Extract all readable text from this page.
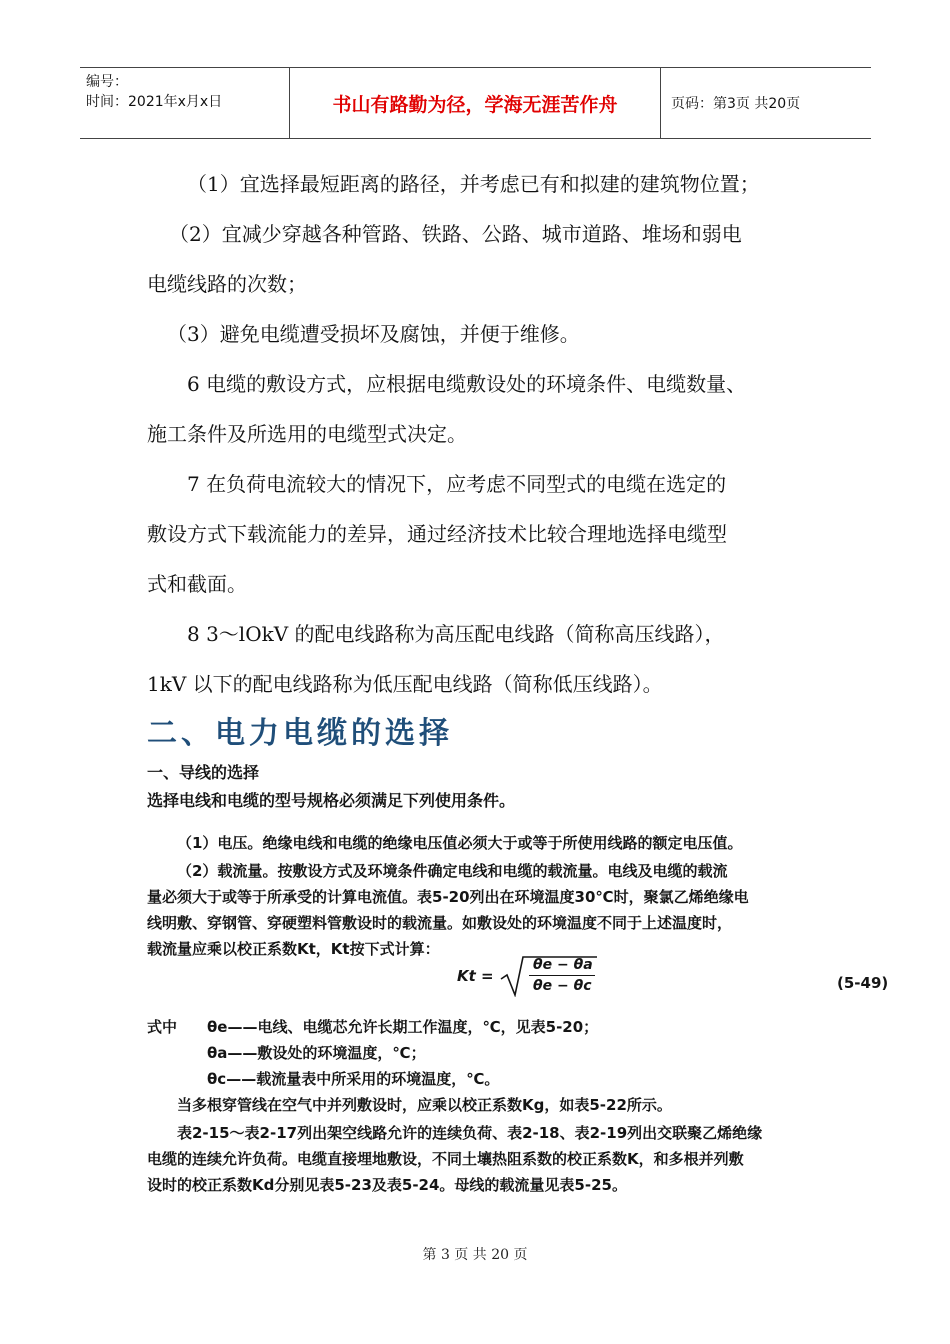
编号：
时间：2021年x月x日	书山有路勤为径，学海无涯苦作舟	页码：第3页 共20页

（1）宜选择最短距离的路径，并考虑已有和拟建的建筑物位置；

（2）宜减少穿越各种管路、铁路、公路、城市道路、堆场和弱电

电缆线路的次数；

（3）避免电缆遭受损坏及腐蚀，并便于维修。

6 电缆的敷设方式，应根据电缆敷设处的环境条件、电缆数量、

施工条件及所选用的电缆型式决定。

7 在负荷电流较大的情况下，应考虑不同型式的电缆在选定的

敷设方式下载流能力的差异，通过经济技术比较合理地选择电缆型

式和截面。

8 3～lOkV 的配电线路称为高压配电线路（简称高压线路），

1kV 以下的配电线路称为低压配电线路（简称低压线路）。

二、电力电缆的选择
一、导线的选择
选择电线和电缆的型号规格必须满足下列使用条件。
（1）电压。绝缘电线和电缆的绝缘电压值必须大于或等于所使用线路的额定电压值。
（2）载流量。按敷设方式及环境条件确定电线和电缆的载流量。电线及电缆的载流
量必须大于或等于所承受的计算电流值。表5-20列出在环境温度30℃时，聚氯乙烯绝缘电
线明敷、穿钢管、穿硬塑料管敷设时的载流量。如敷设处的环境温度不同于上述温度时，
载流量应乘以校正系数Kt，Kt按下式计算：
Kt =
θe − θa
θe − θc	(5-49)
式中 θe——电线、电缆芯允许长期工作温度，℃，见表5-20；
θa——敷设处的环境温度，℃；
θc——载流量表中所采用的环境温度，℃。
当多根穿管线在空气中并列敷设时，应乘以校正系数Kg，如表5-22所示。
表2-15～表2-17列出架空线路允许的连续负荷、表2-18、表2-19列出交联聚乙烯绝缘
电缆的连续允许负荷。电缆直接埋地敷设，不同土壤热阻系数的校正系数K，和多根并列敷
设时的校正系数Kd分别见表5-23及表5-24。母线的载流量见表5-25。
第 3 页 共 20 页
